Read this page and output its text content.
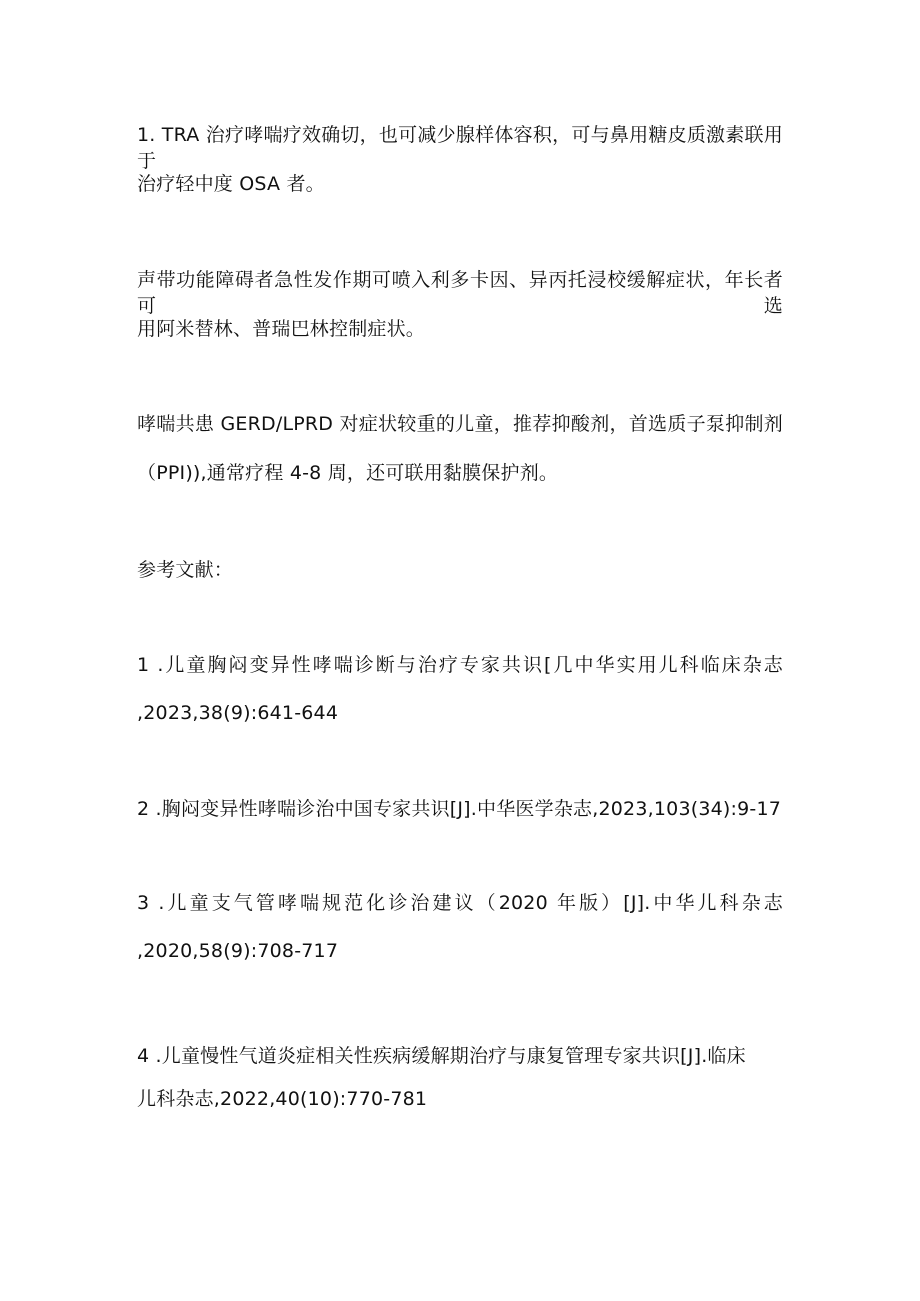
1. TRA 治疗哮喘疗效确切，也可减少腺样体容积，可与鼻用糖皮质激素联用于
治疗轻中度 OSA 者。
声带功能障碍者急性发作期可喷入利多卡因、异丙托浸校缓解症状，年长者可选
用阿米替林、普瑞巴林控制症状。
哮喘共患 GERD/LPRD 对症状较重的儿童，推荐抑酸剂，首选质子泵抑制剂
（PPI)),通常疗程 4-8 周，还可联用黏膜保护剂。
参考文献：
1 .儿童胸闷变异性哮喘诊断与治疗专家共识[几中华实用儿科临床杂志
,2023,38(9):641-644
2 .胸闷变异性哮喘诊治中国专家共识[J].中华医学杂志,2023,103(34):9-17
3 .儿童支气管哮喘规范化诊治建议（2020 年版）[J].中华儿科杂志
,2020,58(9):708-717
4 .儿童慢性气道炎症相关性疾病缓解期治疗与康复管理专家共识[J].临床
儿科杂志,2022,40(10):770-781
